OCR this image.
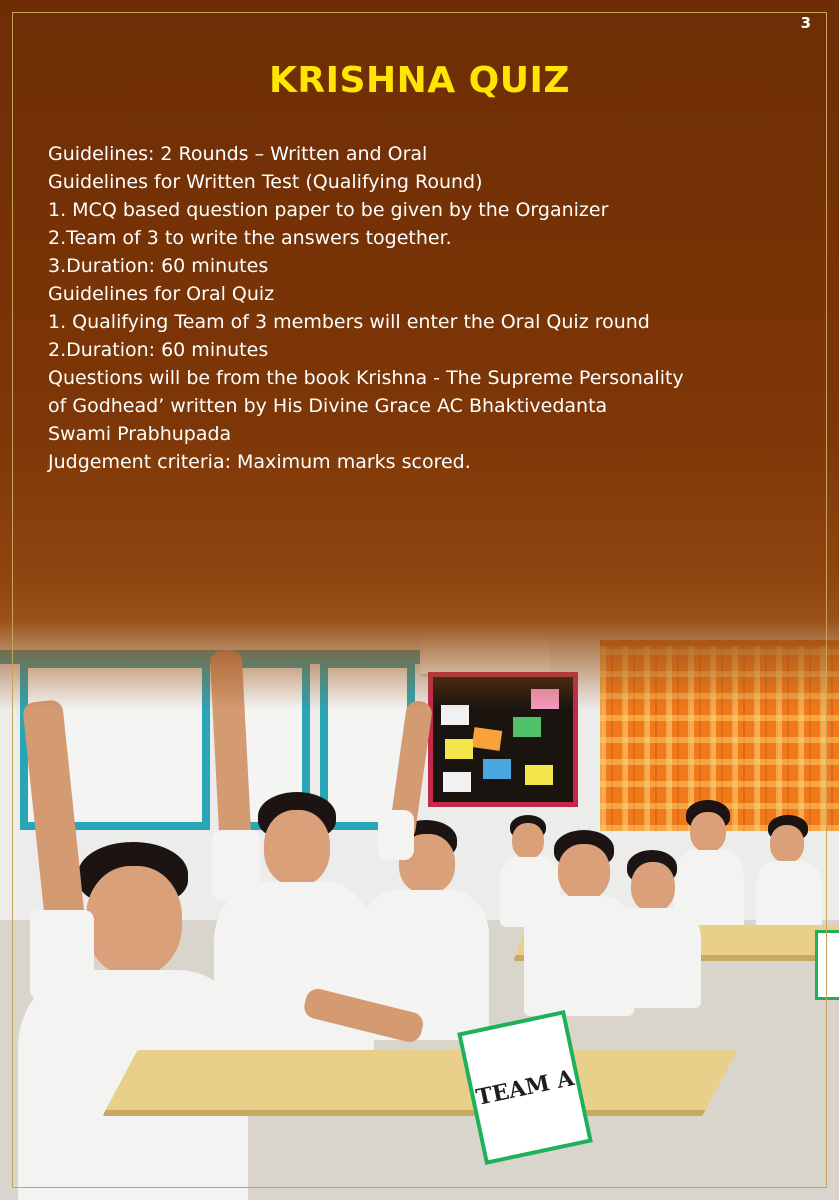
3
KRISHNA QUIZ
Guidelines: 2 Rounds – Written and Oral
Guidelines for Written Test (Qualifying Round)
1. MCQ based question paper to be given by the Organizer
2.Team of 3 to write the answers together.
3.Duration: 60 minutes
Guidelines for Oral Quiz
1. Qualifying Team of 3 members will enter the Oral Quiz round
2.Duration: 60 minutes
Questions will be from the book Krishna - The Supreme Personality
of Godhead’ written by His Divine Grace AC Bhaktivedanta
Swami Prabhupada
Judgement criteria: Maximum marks scored.
TEAM A
